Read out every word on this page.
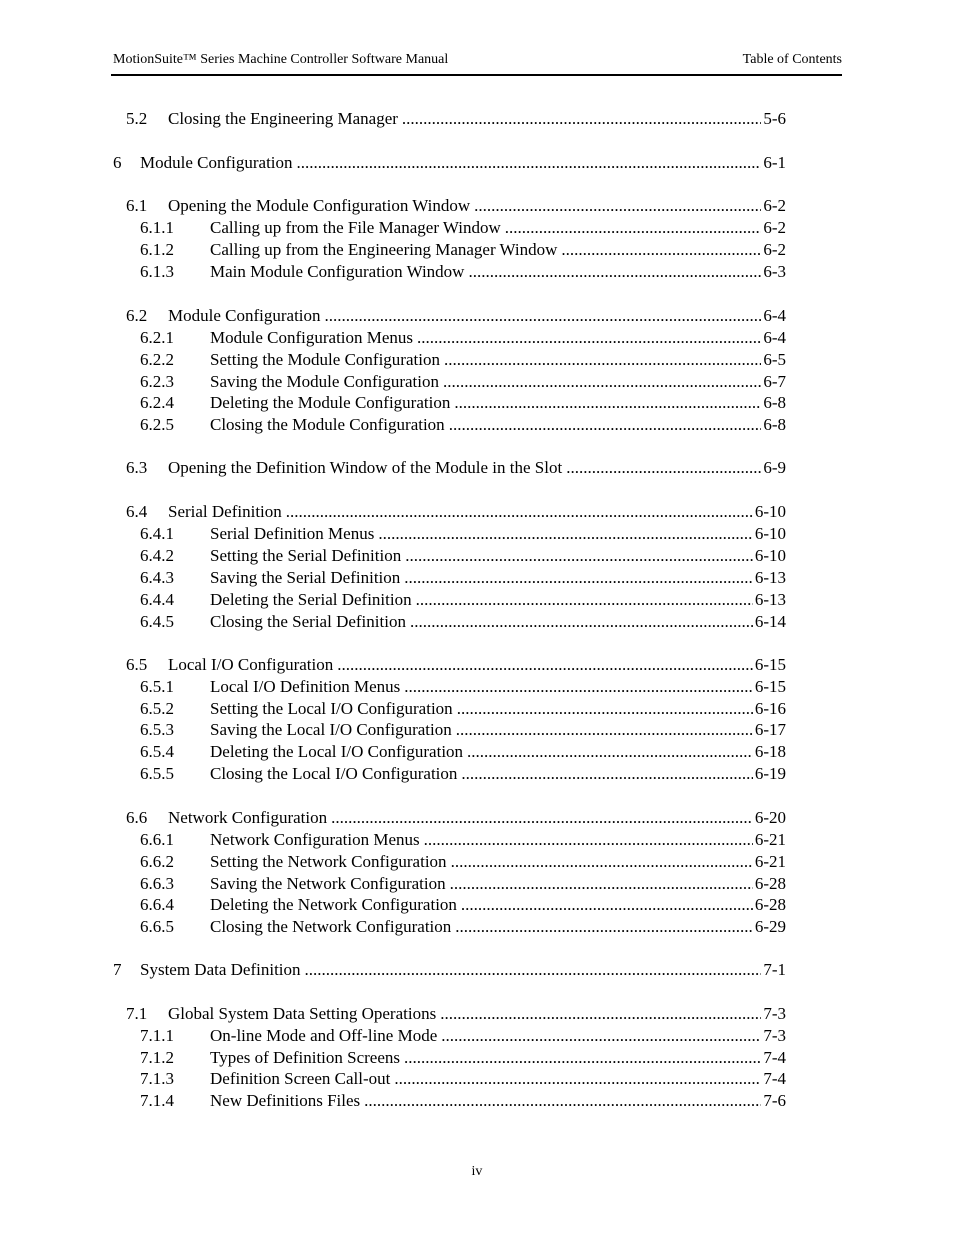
MotionSuite™ Series Machine Controller Software Manual	Table of Contents
5.2	Closing the Engineering Manager .....	5-6
6	Module Configuration .....	6-1
6.1	Opening the Module Configuration Window .....	6-2
6.1.1	Calling up from the File Manager Window .....	6-2
6.1.2	Calling up from the Engineering Manager Window .....	6-2
6.1.3	Main Module Configuration Window .....	6-3
6.2	Module Configuration .....	6-4
6.2.1	Module Configuration Menus .....	6-4
6.2.2	Setting the Module Configuration .....	6-5
6.2.3	Saving the Module Configuration .....	6-7
6.2.4	Deleting the Module Configuration .....	6-8
6.2.5	Closing the Module Configuration .....	6-8
6.3	Opening the Definition Window of the Module in the Slot .....	6-9
6.4	Serial Definition .....	6-10
6.4.1	Serial Definition Menus .....	6-10
6.4.2	Setting the Serial Definition .....	6-10
6.4.3	Saving the Serial Definition .....	6-13
6.4.4	Deleting the Serial Definition .....	6-13
6.4.5	Closing the Serial Definition .....	6-14
6.5	Local I/O Configuration .....	6-15
6.5.1	Local I/O Definition Menus .....	6-15
6.5.2	Setting the Local I/O Configuration .....	6-16
6.5.3	Saving the Local I/O Configuration .....	6-17
6.5.4	Deleting the Local I/O Configuration .....	6-18
6.5.5	Closing the Local I/O Configuration .....	6-19
6.6	Network Configuration .....	6-20
6.6.1	Network Configuration Menus .....	6-21
6.6.2	Setting the Network Configuration .....	6-21
6.6.3	Saving the Network Configuration .....	6-28
6.6.4	Deleting the Network Configuration .....	6-28
6.6.5	Closing the Network Configuration .....	6-29
7	System Data Definition .....	7-1
7.1	Global System Data Setting Operations .....	7-3
7.1.1	On-line Mode and Off-line Mode .....	7-3
7.1.2	Types of Definition Screens .....	7-4
7.1.3	Definition Screen Call-out .....	7-4
7.1.4	New Definitions Files .....	7-6
iv
